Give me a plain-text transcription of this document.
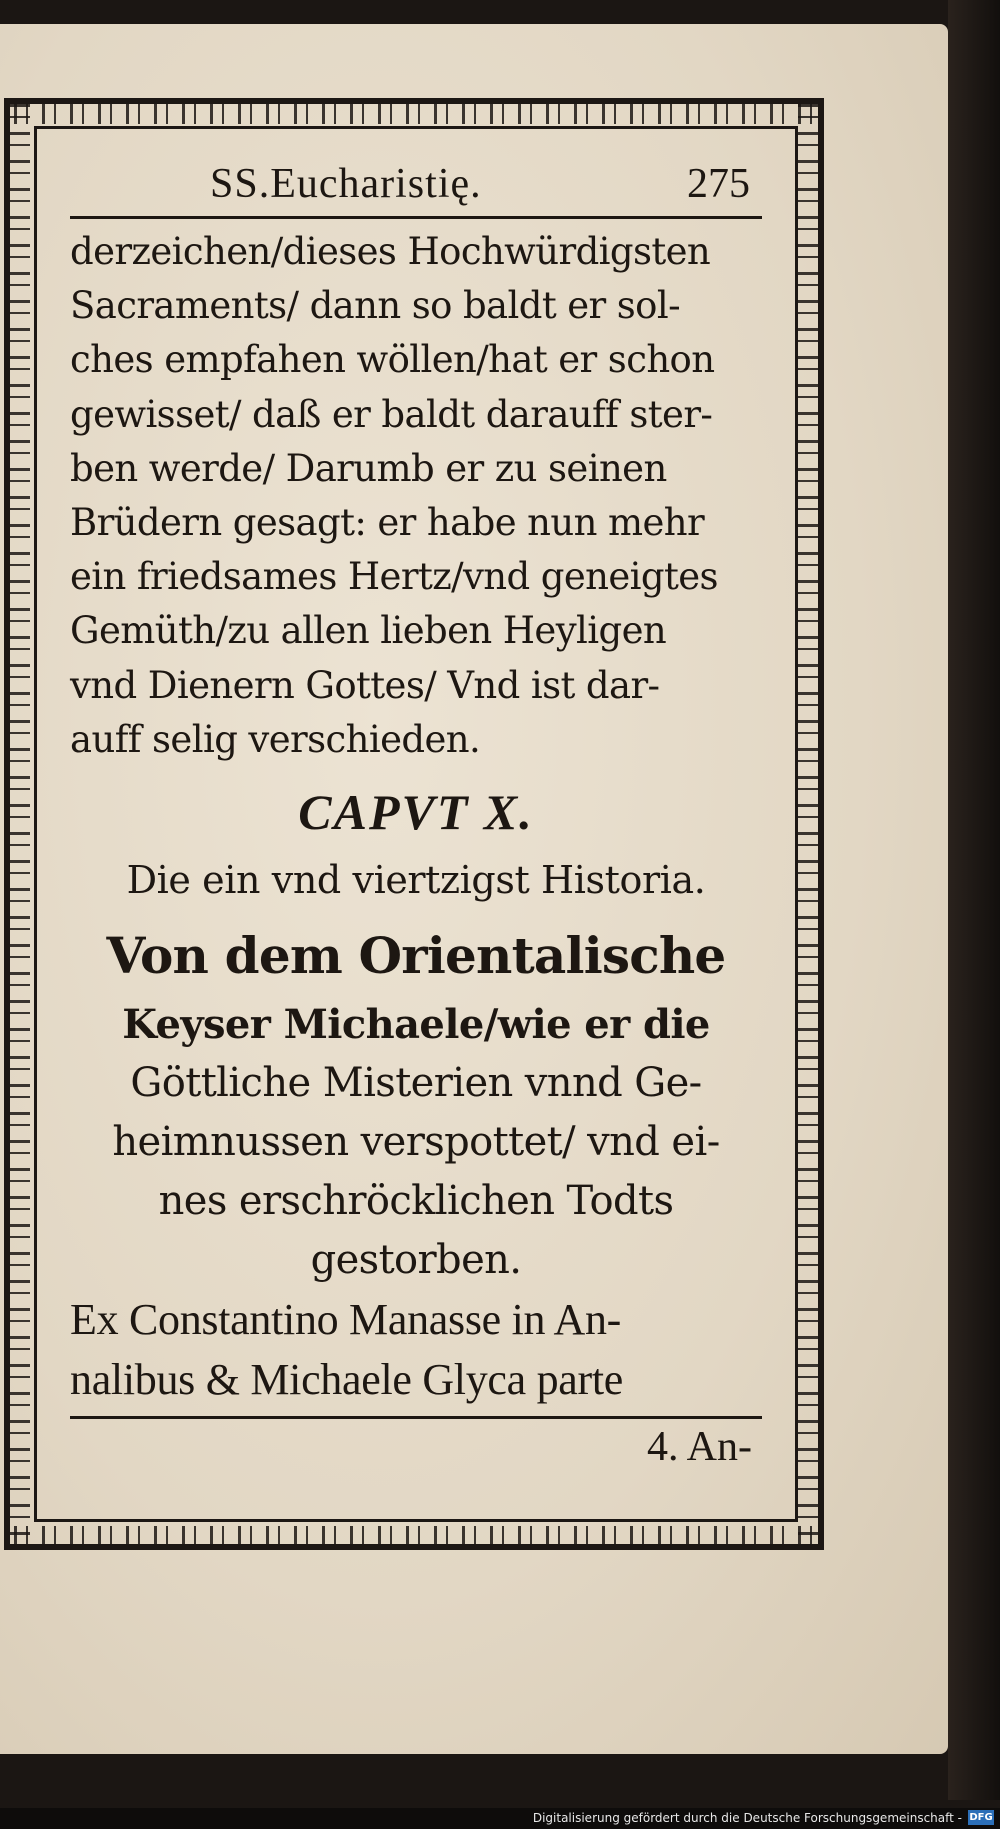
SS.Eucharistię.	275
derzeichen/dieses Hochwürdigsten
Sacraments/ dann so baldt er sol-
ches empfahen wöllen/hat er schon
gewisset/ daß er baldt darauff ster-
ben werde/ Darumb er zu seinen
Brüdern gesagt: er habe nun mehr
ein friedsames Hertz/vnd geneigtes
Gemüth/zu allen lieben Heyligen
vnd Dienern Gottes/ Vnd ist dar-
auff selig verschieden.
CAPVT X.
Die ein vnd viertzigst Historia.
Von dem Orientalische
Keyser Michaele/wie er die
Göttliche Misterien vnnd Ge-
heimnussen verspottet/ vnd ei-
nes erschröcklichen Todts
gestorben.
Ex Constantino Manasse in An-
nalibus & Michaele Glyca parte
4. An-
Digitalisierung gefördert durch die Deutsche Forschungsgemeinschaft - DFG
